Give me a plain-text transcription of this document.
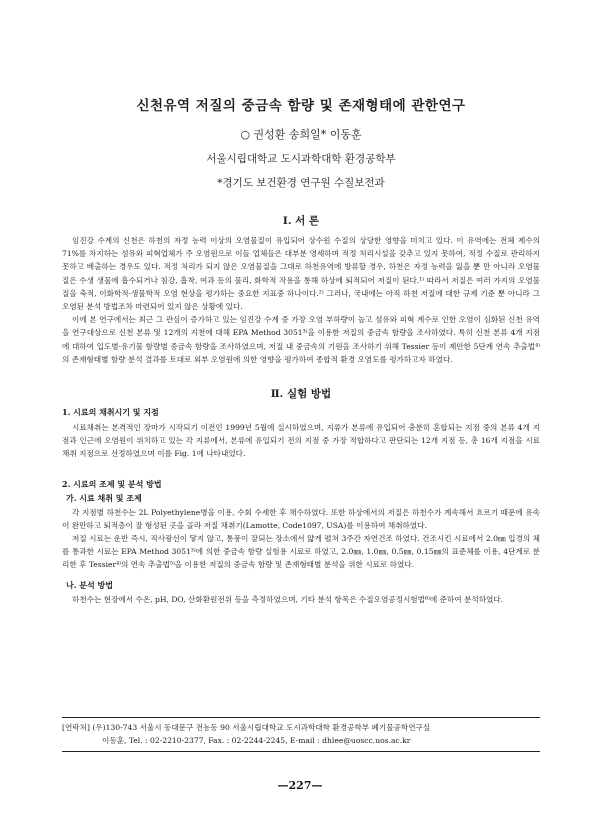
신천유역 저질의 중금속 함량 및 존재형태에 관한연구
○ 권성환 송희일* 이동훈
서울시립대학교 도시과학대학 환경공학부
*경기도 보건환경 연구원 수질보전과
Ⅰ. 서 론

임진강 수계의 신천은 하천의 자정 능력 이상의 오염물질이 유입되어 상수원 수질의 상당한 영향을 미치고 있다. 이 유역에는 전체 제수의 71%를 차지하는 섬유와 피혁업체가 주 오염원으로 이들 업체들은 대부분 영세하며 적정 처리시설을 갖추고 있지 못하여, 적정 수질로 관리하지 못하고 배출하는 경우도 있다. 적정 처리가 되지 않은 오염물질을 그대로 하천유역에 방류할 경우, 하천은 자정 능력을 잃을 뿐 만 아니라 오염물질은 수생 생물에 흡수되거나 침강, 흡착, 여과 등의 물리, 화학적 작용을 통해 하상에 퇴적되어 저질이 된다.¹⁾ 따라서 저질은 여러 가지의 오염물질을 축적, 이화학적·생물학적 오염 현상을 평가하는 중요한 지표중 하나이다.²⁾ 그러나, 국내에는 아직 하천 저질에 대한 규제 기준 뿐 아니라 그 오염된 분석 방법조차 마련되어 있지 않은 상황에 있다.

이에 본 연구에서는 최근 그 관심이 증가하고 있는 임진강 수계 중 가장 오염 부하량이 높고 섬유와 피혁 계수로 인한 오염이 심화된 신천 유역을 연구대상으로 신천 본류 및 12개의 지천에 대해 EPA Method 3051³⁾을 이용한 저질의 중금속 함량을 조사하였다. 특히 신천 본류 4개 지점에 대하여 입도별·유기물 함량별 중금속 함량을 조사하였으며, 저질 내 중금속의 기원을 조사하기 위해 Tessier 등이 제안한 5단계 연속 추출법⁴⁾의 존재형태별 함량 분석 결과를 토대로 외부 오염원에 의한 영향을 평가하여 종합적 환경 오염도를 평가하고자 하였다.

Ⅱ. 실험 방법
1. 시료의 채취시기 및 지점

시료채취는 본격적인 장마가 시작되기 이전인 1999년 5월에 실시하였으며, 지류가 본류에 유입되어 충분히 혼합되는 지점 중의 본류 4개 지점과 인근에 오염원이 위치하고 있는 각 지류에서, 본류에 유입되기 전의 지점 중 가장 적합하다고 판단되는 12개 지점 등, 총 16개 지점을 시료채취 지점으로 선정하였으며 이를 Fig. 1에 나타내었다.

2. 시료의 조제 및 분석 방법
가. 시료 채취 및 조제

각 지점별 하천수는 2L Polyethylene병을 이용, 수회 수세한 후 채수하였다. 또한 하상에서의 저질은 하천수가 계속해서 흐르기 때문에 유속이 완만하고 퇴적층이 잘 형성된 곳을 골라 저질 채취기(Lamotte, Code1097, USA)를 이용하여 채취하였다.

저질 시료는 운반 즉시, 직사광선이 닿지 않고, 통풍이 잘되는 장소에서 얇게 펼쳐 3주간 자연건조 하였다. 건조시킨 시료에서 2.0㎜ 입경의 체를 통과한 시료는 EPA Method 3051³⁾에 의한 중금속 함량 실험용 시료로 하였고, 2.0㎜, 1.0㎜, 0.5㎜, 0.15㎜의 표준체를 이용, 4단계로 분리한 후 Tessier⁴⁾의 연속 추출법⁵⁾을 이용한 저질의 중금속 함량 및 존재형태별 분석을 위한 시료로 하였다.

나. 분석 방법

하천수는 현장에서 수온, pH, DO, 산화환원전위 등을 측정하였으며, 기타 분석 항목은 수질오염공정시험법⁶⁾에 준하여 분석하였다.

[연락처] (우)130-743 서울시 동대문구 전농동 90 서울시립대학교 도시과학대학 환경공학부 폐기물공학연구실
이동훈, Tel. : 02-2210-2377, Fax. : 02-2244-2245, E-mail : dhlee@uoscc.uos.ac.kr
—227—
